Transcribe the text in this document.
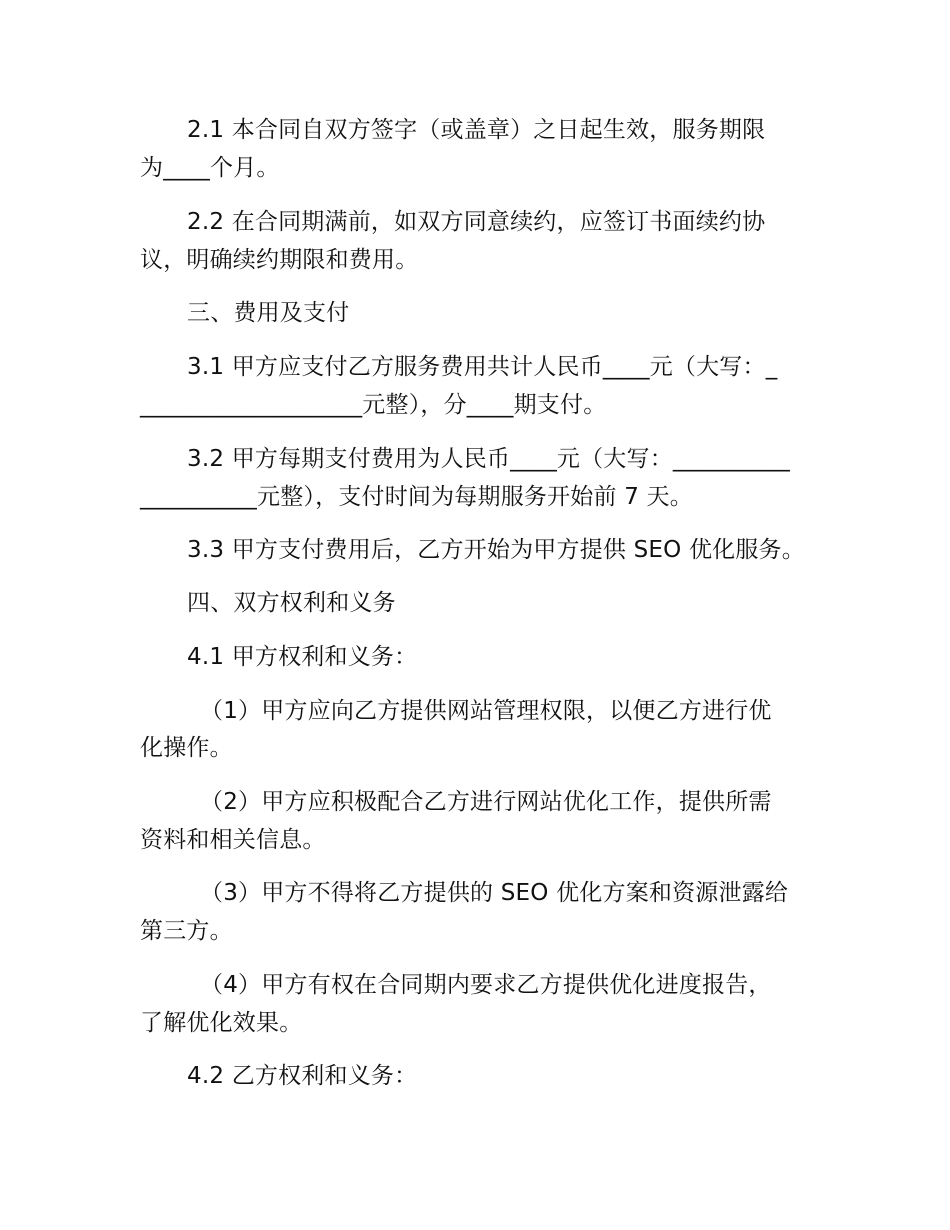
2.1 本合同自双方签字（或盖章）之日起生效，服务期限
为____个月。
2.2 在合同期满前，如双方同意续约，应签订书面续约协
议，明确续约期限和费用。
三、费用及支付
3.1 甲方应支付乙方服务费用共计人民币____元（大写：_
___________________元整），分____期支付。
3.2 甲方每期支付费用为人民币____元（大写：__________
__________元整），支付时间为每期服务开始前 7 天。
3.3 甲方支付费用后，乙方开始为甲方提供 SEO 优化服务。
四、双方权利和义务
4.1 甲方权利和义务：
（1）甲方应向乙方提供网站管理权限，以便乙方进行优
化操作。
（2）甲方应积极配合乙方进行网站优化工作，提供所需
资料和相关信息。
（3）甲方不得将乙方提供的 SEO 优化方案和资源泄露给
第三方。
（4）甲方有权在合同期内要求乙方提供优化进度报告，
了解优化效果。
4.2 乙方权利和义务：
